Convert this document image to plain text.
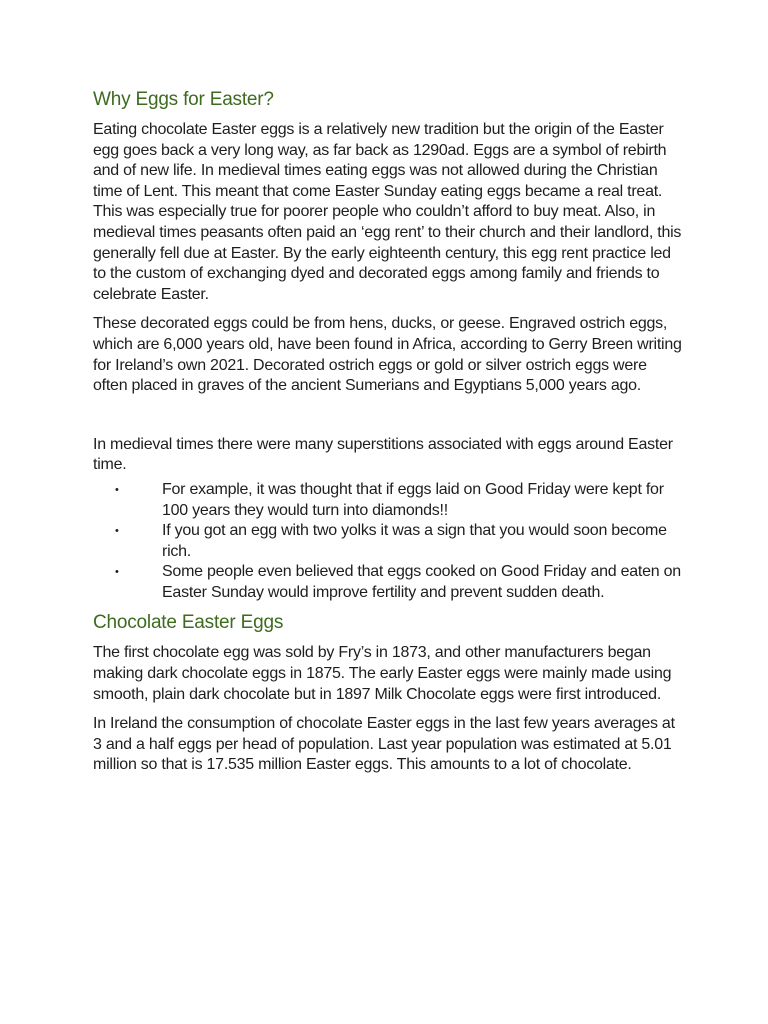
Why Eggs for Easter?

Eating chocolate Easter eggs is a relatively new tradition but the origin of the Easter egg goes back a very long way, as far back as 1290ad. Eggs are a symbol of rebirth and of new life. In medieval times eating eggs was not allowed during the Christian time of Lent. This meant that come Easter Sunday eating eggs became a real treat. This was especially true for poorer people who couldn’t afford to buy meat. Also, in medieval times peasants often paid an ‘egg rent’ to their church and their landlord, this generally fell due at Easter. By the early eighteenth century, this egg rent practice led to the custom of exchanging dyed and decorated eggs among family and friends to celebrate Easter.

These decorated eggs could be from hens, ducks, or geese. Engraved ostrich eggs, which are 6,000 years old, have been found in Africa, according to Gerry Breen writing for Ireland’s own 2021. Decorated ostrich eggs or gold or silver ostrich eggs were often placed in graves of the ancient Sumerians and Egyptians 5,000 years ago.

In medieval times there were many superstitions associated with eggs around Easter time.

•	For example, it was thought that if eggs laid on Good Friday were kept for 100 years they would turn into diamonds!!
•	If you got an egg with two yolks it was a sign that you would soon become rich.
•	Some people even believed that eggs cooked on Good Friday and eaten on Easter Sunday would improve fertility and prevent sudden death.
Chocolate Easter Eggs

The first chocolate egg was sold by Fry’s in 1873, and other manufacturers began making dark chocolate eggs in 1875. The early Easter eggs were mainly made using smooth, plain dark chocolate but in 1897 Milk Chocolate eggs were first introduced.

In Ireland the consumption of chocolate Easter eggs in the last few years averages at 3 and a half eggs per head of population. Last year population was estimated at 5.01 million so that is 17.535 million Easter eggs. This amounts to a lot of chocolate.
